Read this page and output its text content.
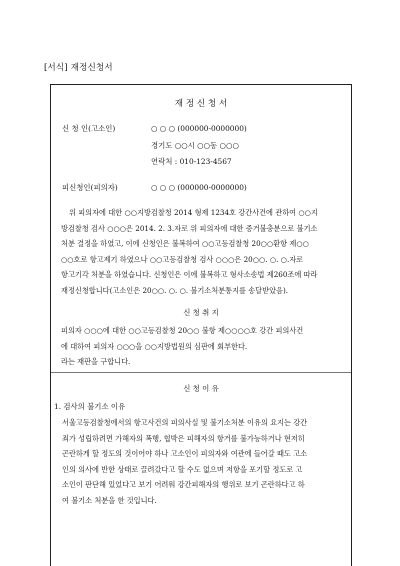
[서식] 재정신청서
재 정 신 청 서
신 청 인(고소인)	○ ○ ○ (000000-0000000)
경기도 ○○시 ○○동 ○○○
연락처 : 010-123-4567
피신청인(피의자)	○ ○ ○ (000000-0000000)
위 피의자에 대한 ○○지방검찰청 2014 형제 1234호 강간사건에 관하여 ○○지
방검찰청 검사 ○○○은 2014. 2. 3.자로 위 피의자에 대한 증거불충분으로 불기소
처분 결정을 하였고, 이에 신청인은 불복하여 ○○고등검찰청 20○○환항 제○○
○○호로 항고제기 하였으나 ○○고등검찰청 검사 ○○○은 20○○. ○. ○.자로
항고기각 처분을 하였습니다. 신청인은 이에 불복하고 형사소송법 제260조에 따라
재정신청합니다(고소인은 20○○. ○. ○. 불기소처분통지를 송달받았음).
신 청 취 지
피의자 ○○○에 대한 ○○고등검찰청 20○○ 불항 제○○○○호 강간 피의사건
에 대하여 피의자 ○○○을 ○○지방법원의 심판에 회부한다.
라는 재판을 구합니다.
신 청 이 유
1. 검사의 불기소 이유
서울고등검찰청에서의 항고사건의 피의사실 및 불기소처분 이유의 요지는 강간
죄가 성립하려면 가해자의 폭행, 협박은 피해자의 항거를 불가능하거나 현저히
곤란하게 할 정도의 것이어야 하나 고소인이 피의자와 여관에 들어갈 때도 고소
인의 의사에 반한 상태로 끌려갔다고 할 수도 없으며 저항을 포기할 정도로 고
소인이 판단해 있었다고 보기 어려워 강간피해자의 행위로 보기 곤란하다고 하
여 불기소 처분을 한 것입니다.
